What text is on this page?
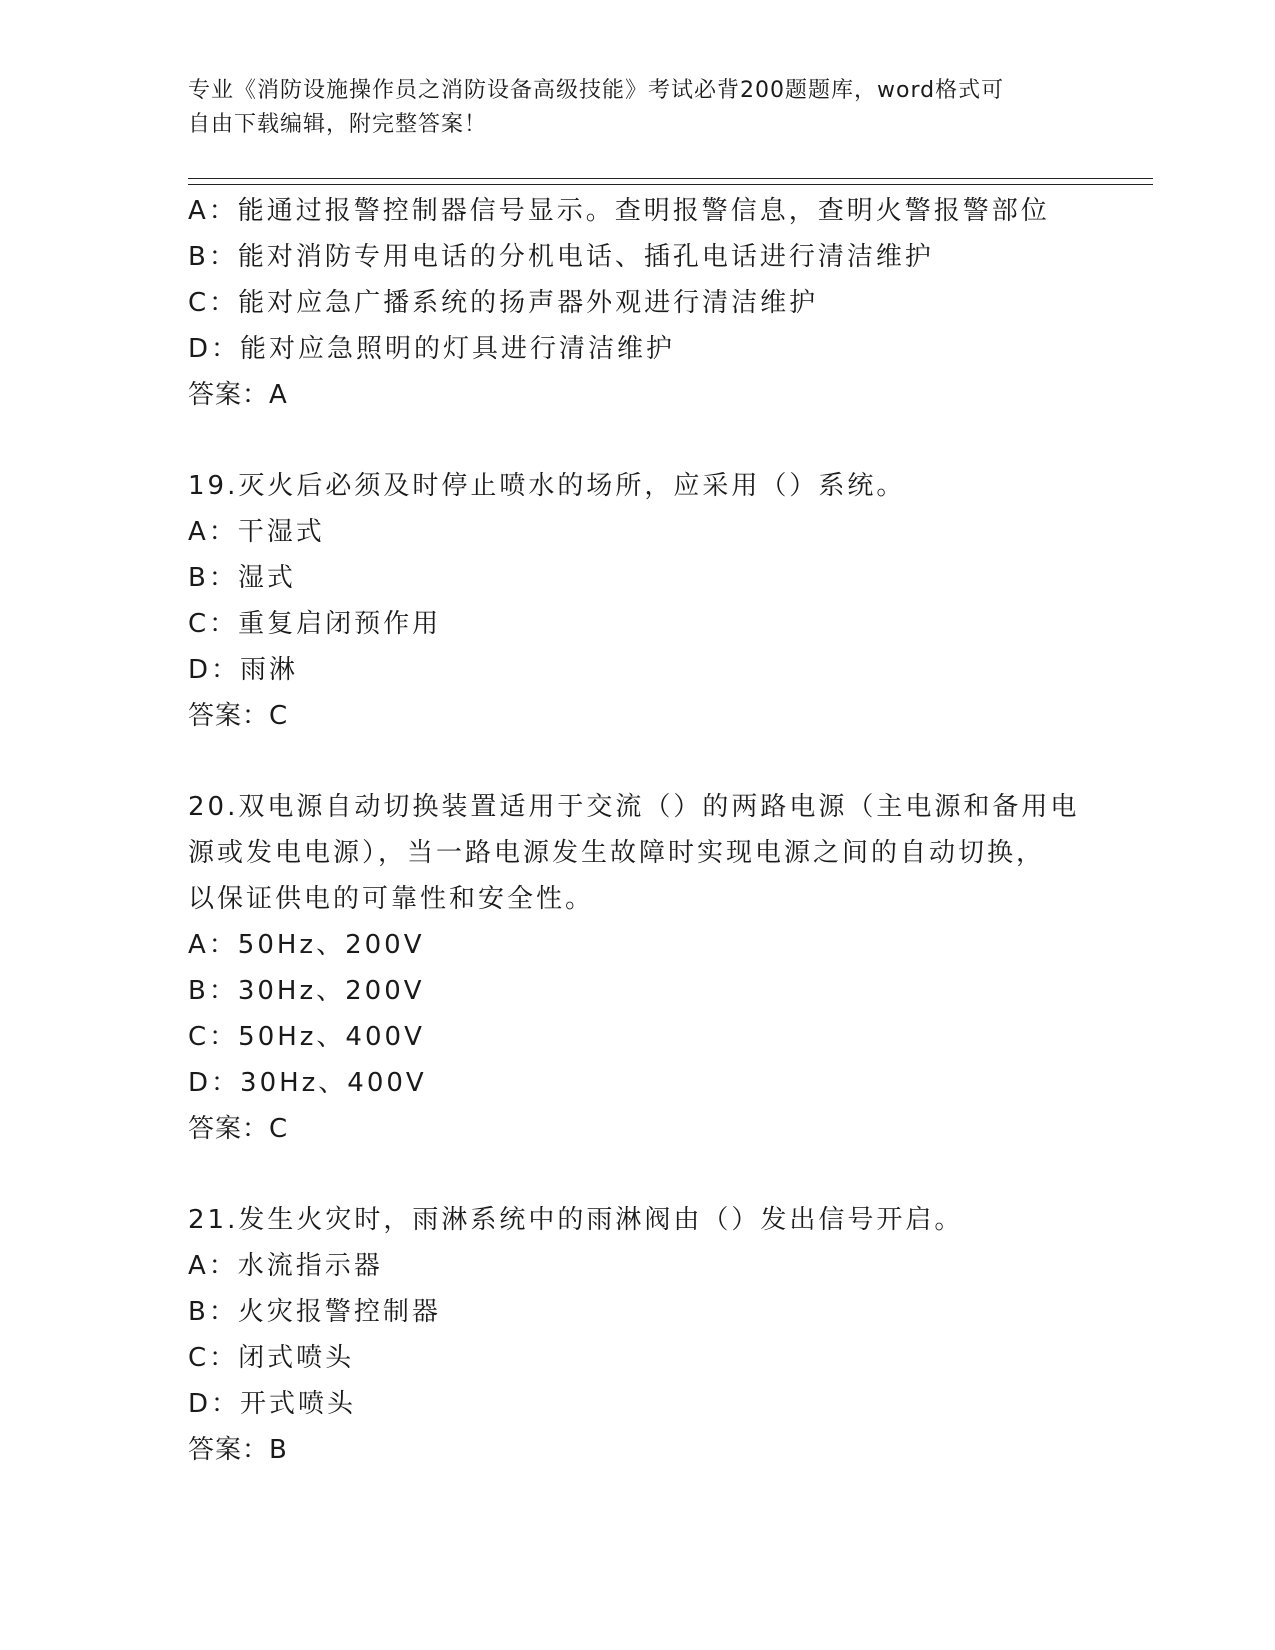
专业《消防设施操作员之消防设备高级技能》考试必背200题题库，word格式可
自由下载编辑，附完整答案！
A：能通过报警控制器信号显示。查明报警信息，查明火警报警部位
B：能对消防专用电话的分机电话、插孔电话进行清洁维护
C：能对应急广播系统的扬声器外观进行清洁维护
D：能对应急照明的灯具进行清洁维护
答案：A
19.灭火后必须及时停止喷水的场所，应采用（）系统。
A：干湿式
B：湿式
C：重复启闭预作用
D：雨淋
答案：C
20.双电源自动切换装置适用于交流（）的两路电源（主电源和备用电
源或发电电源），当一路电源发生故障时实现电源之间的自动切换，
以保证供电的可靠性和安全性。
A：50Hz、200V
B：30Hz、200V
C：50Hz、400V
D：30Hz、400V
答案：C
21.发生火灾时，雨淋系统中的雨淋阀由（）发出信号开启。
A：水流指示器
B：火灾报警控制器
C：闭式喷头
D：开式喷头
答案：B
